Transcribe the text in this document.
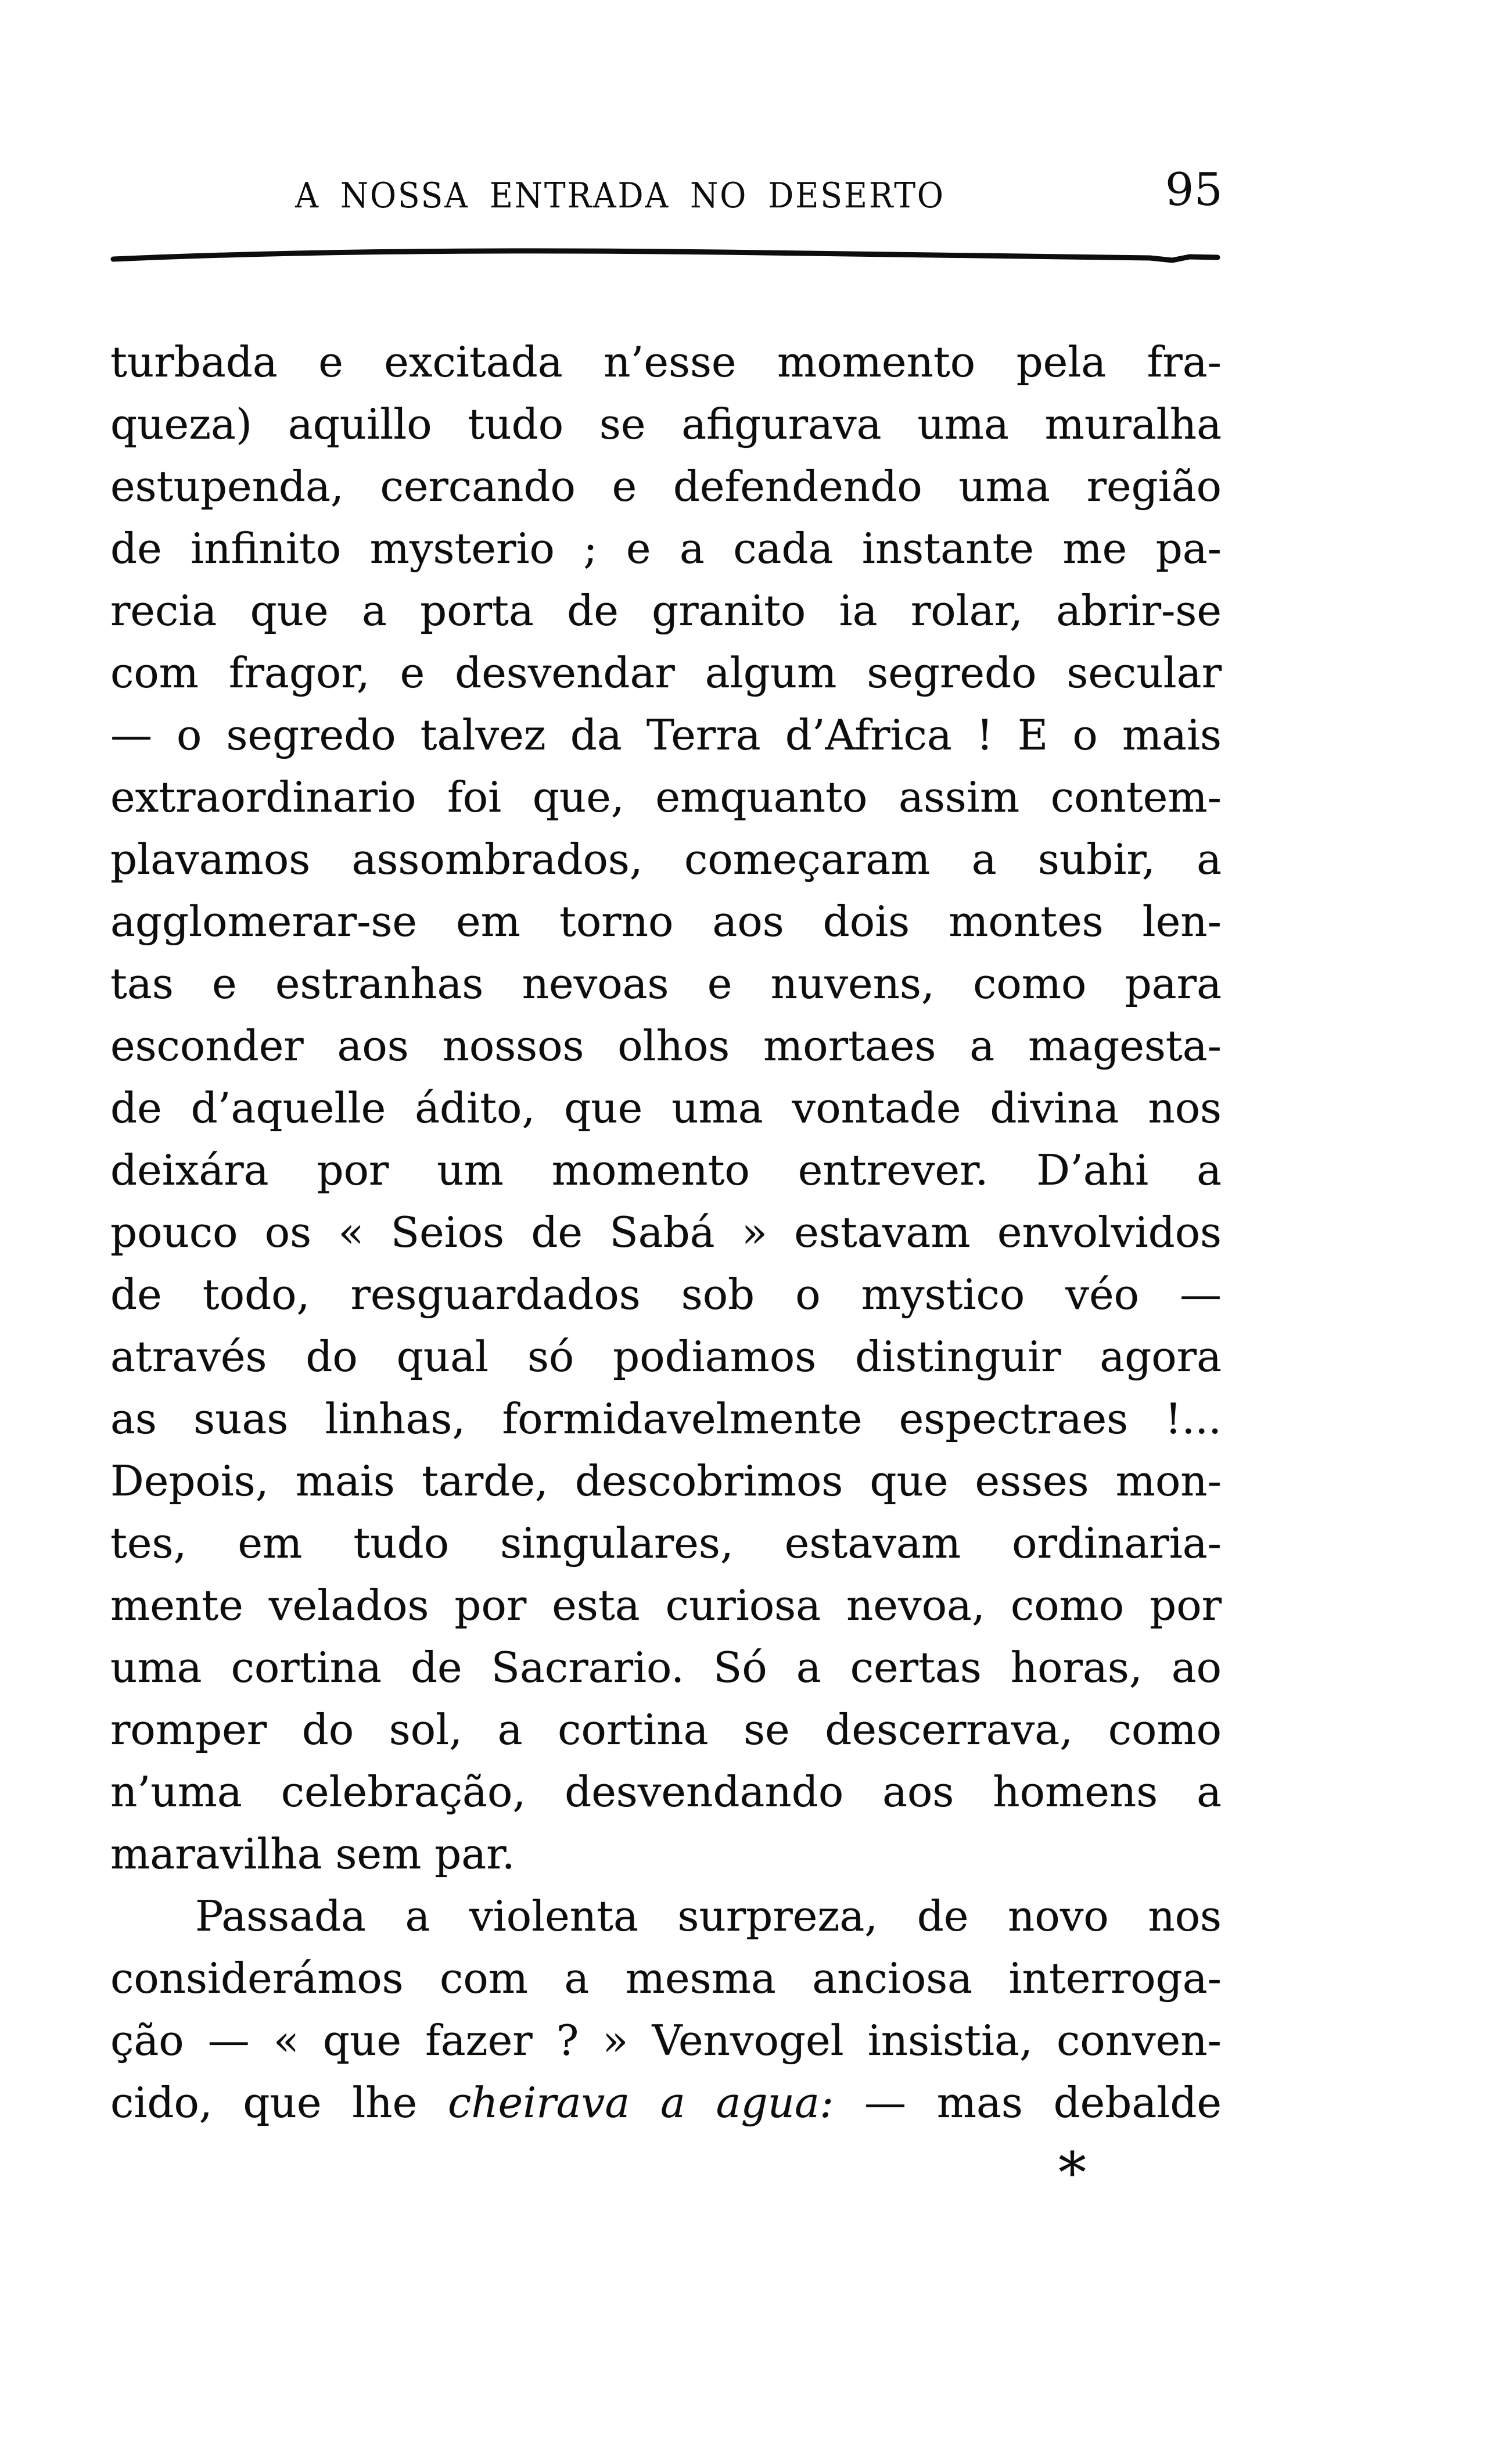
A NOSSA ENTRADA NO DESERTO	95
turbada e excitada n’esse momento pela fra-
queza) aquillo tudo se afigurava uma muralha
estupenda, cercando e defendendo uma região
de infinito mysterio ; e a cada instante me pa-
recia que a porta de granito ia rolar, abrir-se
com fragor, e desvendar algum segredo secular
— o segredo talvez da Terra d’Africa ! E o mais
extraordinario foi que, emquanto assim contem-
plavamos assombrados, começaram a subir, a
agglomerar-se em torno aos dois montes len-
tas e estranhas nevoas e nuvens, como para
esconder aos nossos olhos mortaes a magesta-
de d’aquelle ádito, que uma vontade divina nos
deixára por um momento entrever. D’ahi a
pouco os « Seios de Sabá » estavam envolvidos
de todo, resguardados sob o mystico véo —
através do qual só podiamos distinguir agora
as suas linhas, formidavelmente espectraes !...
Depois, mais tarde, descobrimos que esses mon-
tes, em tudo singulares, estavam ordinaria-
mente velados por esta curiosa nevoa, como por
uma cortina de Sacrario. Só a certas horas, ao
romper do sol, a cortina se descerrava, como
n’uma celebração, desvendando aos homens a
maravilha sem par.
Passada a violenta surpreza, de novo nos
considerámos com a mesma anciosa interroga-
ção — « que fazer ? » Venvogel insistia, conven-
cido, que lhe cheirava a agua: — mas debalde
*
